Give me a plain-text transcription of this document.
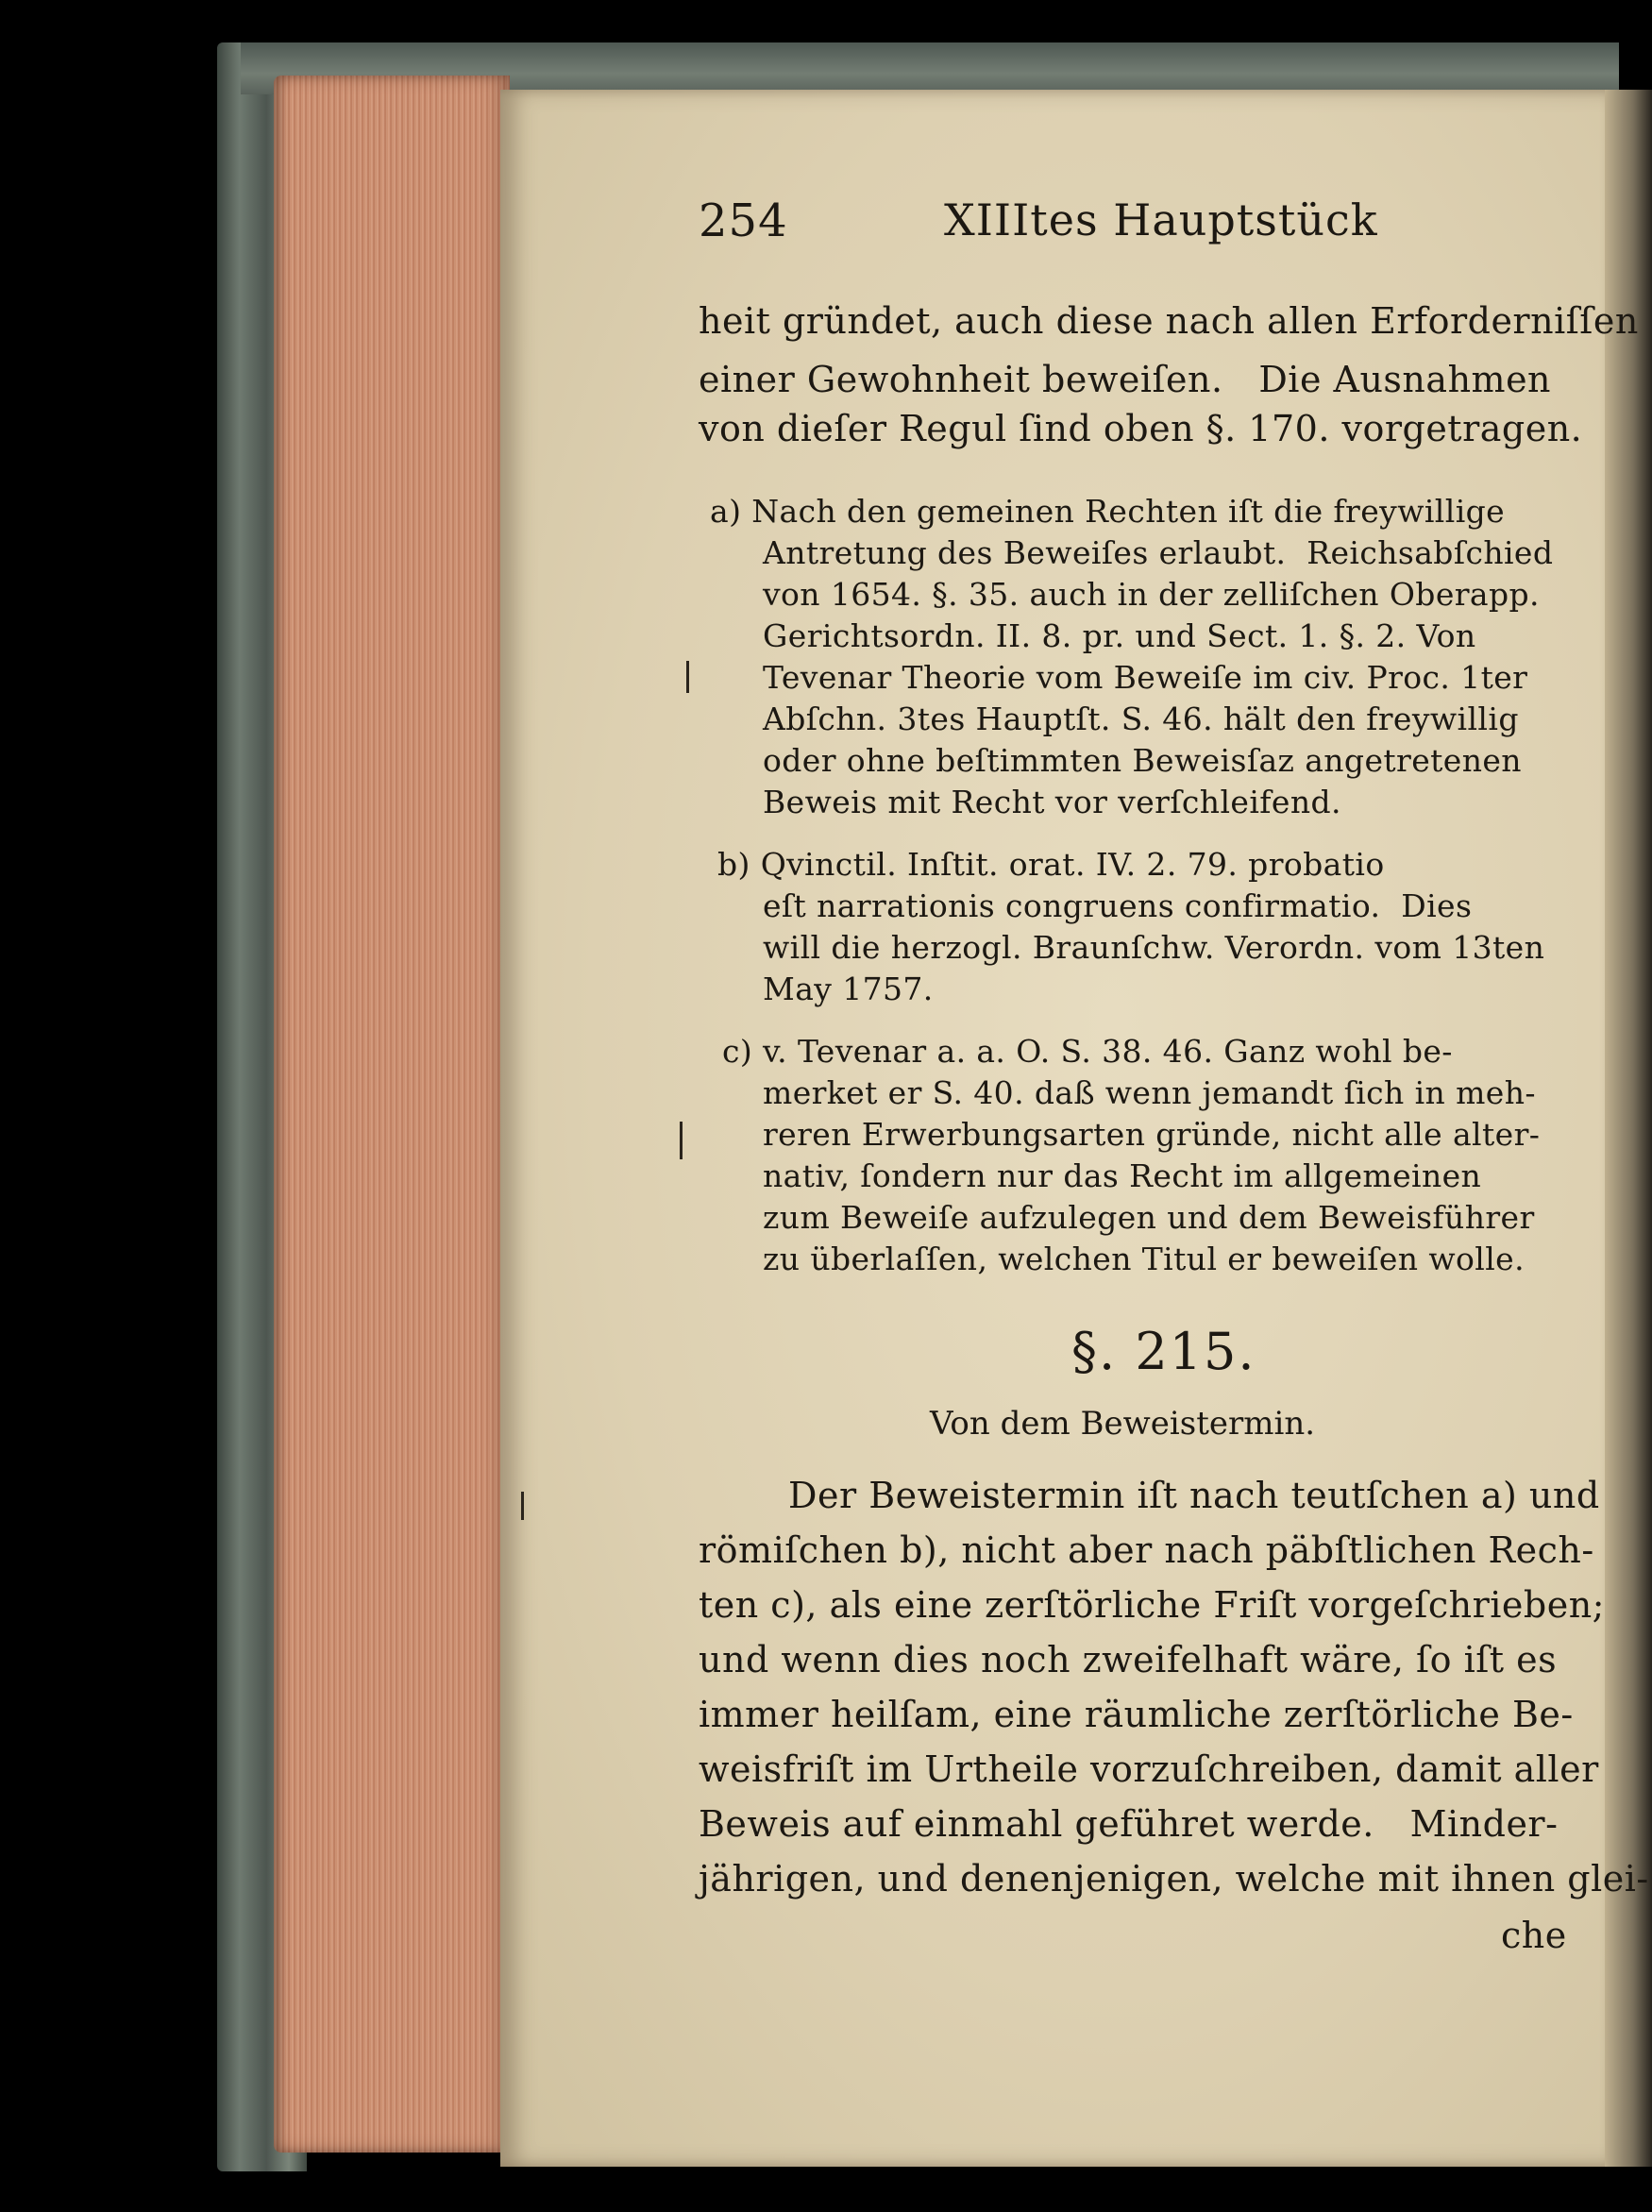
254	XIIItes Hauptstück
heit gründet, auch diese nach allen Erforderniſſen
einer Gewohnheit beweiſen.   Die Ausnahmen
von dieſer Regul ſind oben §. 170. vorgetragen.
a) Nach den gemeinen Rechten iſt die freywillige
Antretung des Beweiſes erlaubt.  Reichsabſchied
von 1654. §. 35. auch in der zelliſchen Oberapp.
Gerichtsordn. II. 8. pr. und Sect. 1. §. 2. Von
Tevenar Theorie vom Beweiſe im civ. Proc. 1ter
Abſchn. 3tes Hauptſt. S. 46. hält den freywillig
oder ohne beſtimmten Beweisſaz angetretenen
Beweis mit Recht vor verſchleifend.
b) Qvinctil. Inſtit. orat. IV. 2. 79. probatio
eſt narrationis congruens confirmatio.  Dies
will die herzogl. Braunſchw. Verordn. vom 13ten
May 1757.
c) v. Tevenar a. a. O. S. 38. 46. Ganz wohl be-
merket er S. 40. daß wenn jemandt ſich in meh-
reren Erwerbungsarten gründe, nicht alle alter-
nativ, ſondern nur das Recht im allgemeinen
zum Beweiſe aufzulegen und dem Beweisführer
zu überlaſſen, welchen Titul er beweiſen wolle.
§. 215.
Von dem Beweistermin.
Der Beweistermin iſt nach teutſchen a) und
römiſchen b), nicht aber nach päbſtlichen Rech-
ten c), als eine zerſtörliche Friſt vorgeſchrieben;
und wenn dies noch zweifelhaft wäre, ſo iſt es
immer heilſam, eine räumliche zerſtörliche Be-
weisfriſt im Urtheile vorzuſchreiben, damit aller
Beweis auf einmahl geführet werde.   Minder-
jährigen, und denenjenigen, welche mit ihnen glei-
che
